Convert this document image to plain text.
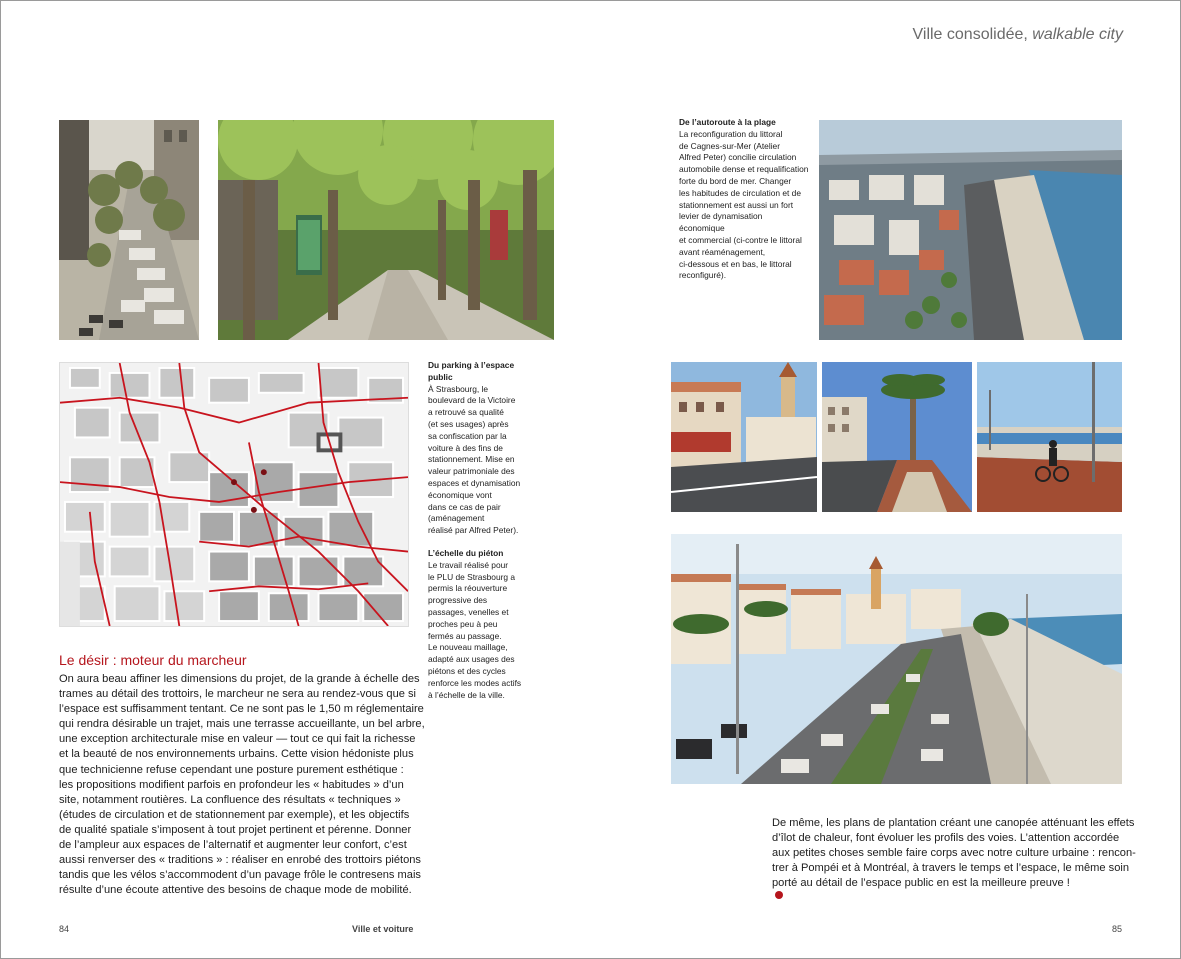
Ville consolidée, walkable city
De l’autoroute à la plage
La reconfiguration du littoral
de Cagnes-sur-Mer (Atelier
Alfred Peter) concilie circulation
automobile dense et requalification
forte du bord de mer. Changer
les habitudes de circulation et de
stationnement est aussi un fort
levier de dynamisation économique
et commercial (ci-contre le littoral
avant réaménagement,
ci-dessous et en bas, le littoral
reconfiguré).
Du parking à l’espace
public
À Strasbourg, le
boulevard de la Victoire
a retrouvé sa qualité
(et ses usages) après
sa confiscation par la
voiture à des fins de
stationnement. Mise en
valeur patrimoniale des
espaces et dynamisation
économique vont
dans ce cas de pair
(aménagement
réalisé par Alfred Peter).
L’échelle du piéton
Le travail réalisé pour
le PLU de Strasbourg a
permis la réouverture
progressive des
passages, venelles et
proches peu à peu
fermés au passage.
Le nouveau maillage,
adapté aux usages des
piétons et des cycles
renforce les modes actifs
à l’échelle de la ville.
Le désir : moteur du marcheur
On aura beau affiner les dimensions du projet, de la grande à échelle des
trames au détail des trottoirs, le marcheur ne sera au rendez-vous que si
l’espace est suffisamment tentant. Ce ne sont pas le 1,50 m réglementaire
qui rendra désirable un trajet, mais une terrasse accueillante, un bel arbre,
une exception architecturale mise en valeur — tout ce qui fait la richesse
et la beauté de nos environnements urbains. Cette vision hédoniste plus
que technicienne refuse cependant une posture purement esthétique :
les propositions modifient parfois en profondeur les « habitudes » d’un
site, notamment routières. La confluence des résultats « techniques »
(études de circulation et de stationnement par exemple), et les objectifs
de qualité spatiale s’imposent à tout projet pertinent et pérenne. Donner
de l’ampleur aux espaces de l’alternatif et augmenter leur confort, c’est
aussi renverser des « traditions » : réaliser en enrobé des trottoirs piétons
tandis que les vélos s’accommodent d’un pavage frôle le contresens mais
résulte d’une écoute attentive des besoins de chaque mode de mobilité.
De même, les plans de plantation créant une canopée atténuant les effets
d’îlot de chaleur, font évoluer les profils des voies. L’attention accordée
aux petites choses semble faire corps avec notre culture urbaine : rencon-
trer à Pompéi et à Montréal, à travers le temps et l’espace, le même soin
porté au détail de l’espace public en est la meilleure preuve !
84	Ville et voiture	85
